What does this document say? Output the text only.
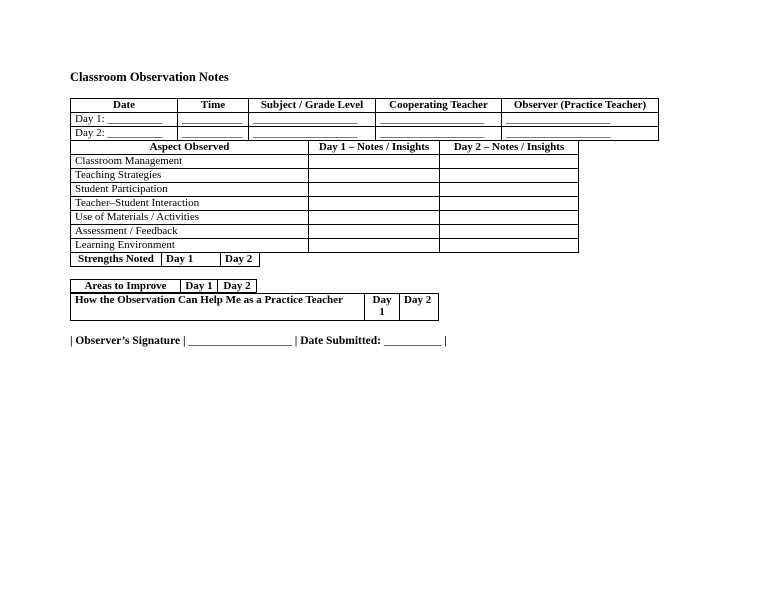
Classroom Observation Notes
Date	Time	Subject / Grade Level	Cooperating Teacher	Observer (Practice Teacher)
Day 1: __________	___________	___________________	___________________	___________________
Day 2: __________	___________	___________________	___________________	___________________
Aspect Observed	Day 1 – Notes / Insights	Day 2 – Notes / Insights
Classroom Management		
Teaching Strategies		
Student Participation		
Teacher–Student Interaction		
Use of Materials / Activities		
Assessment / Feedback		
Learning Environment		
Strengths Noted	Day 1	Day 2
Areas to Improve	Day 1	Day 2
How the Observation Can Help Me as a Practice Teacher	Day 1	Day 2
| Observer’s Signature | __________________ | Date Submitted: __________ |
